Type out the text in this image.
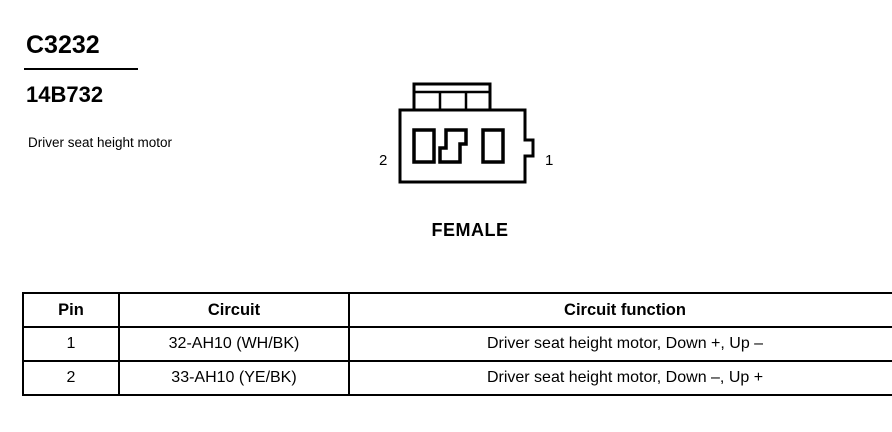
C3232
14B732
Driver seat height motor
2	1
FEMALE
Pin	Circuit	Circuit function
1	32-AH10 (WH/BK)	Driver seat height motor, Down +, Up –
2	33-AH10 (YE/BK)	Driver seat height motor, Down –, Up +
